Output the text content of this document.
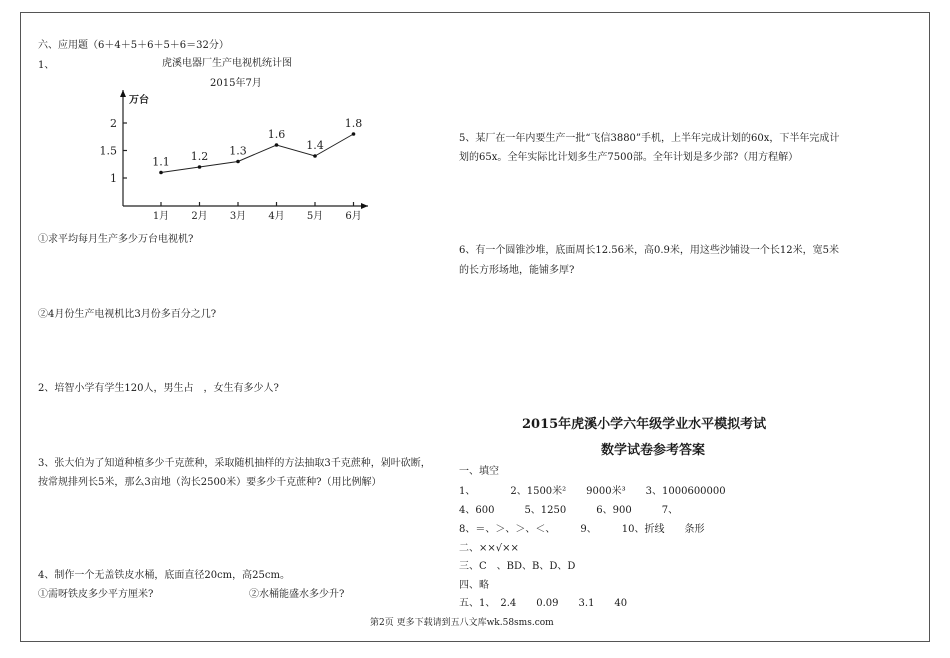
六、应用题（6＋4＋5＋6＋5＋6＝32分）
1、	虎溪电器厂生产电视机统计图
2015年7月
万台
1
1.5
2
1月 2月 3月 4月 5月 6月
1.1 1.2 1.3
1.6
1.4
1.8
①求平均每月生产多少万台电视机?
②4月份生产电视机比3月份多百分之几?
2、培智小学有学生120人，男生占　，女生有多少人?
3、张大伯为了知道种植多少千克蔗种，采取随机抽样的方法抽取3千克蔗种，剁叶砍断，
按常规排列长5米，那么3亩地（沟长2500米）要多少千克蔗种?（用比例解）
4、制作一个无盖铁皮水桶，底面直径20cm，高25cm。
①需呀铁皮多少平方厘米?	②水桶能盛水多少升?
5、某厂在一年内要生产一批“飞信3880”手机，上半年完成计划的60x，下半年完成计
划的65x。全年实际比计划多生产7500部。全年计划是多少部?（用方程解）
6、有一个圆锥沙堆，底面周长12.56米，高0.9米，用这些沙铺设一个长12米，宽5米
的长方形场地，能铺多厚?
2015年虎溪小学六年级学业水平模拟考试
数学试卷参考答案
一、填空
1、　　　　2、1500米²　　9000米³　　3、1000600000
4、600　　　5、1250　　　6、900　　　7、
8、＝、＞、＞、＜、　　　9、　　　10、折线　　条形
二、××√××
三、C　、BD、B、D、D
四、略
五、1、　2.4　　0.09　　3.1　　40
第2页 更多下载请到五八文库wk.58sms.com
